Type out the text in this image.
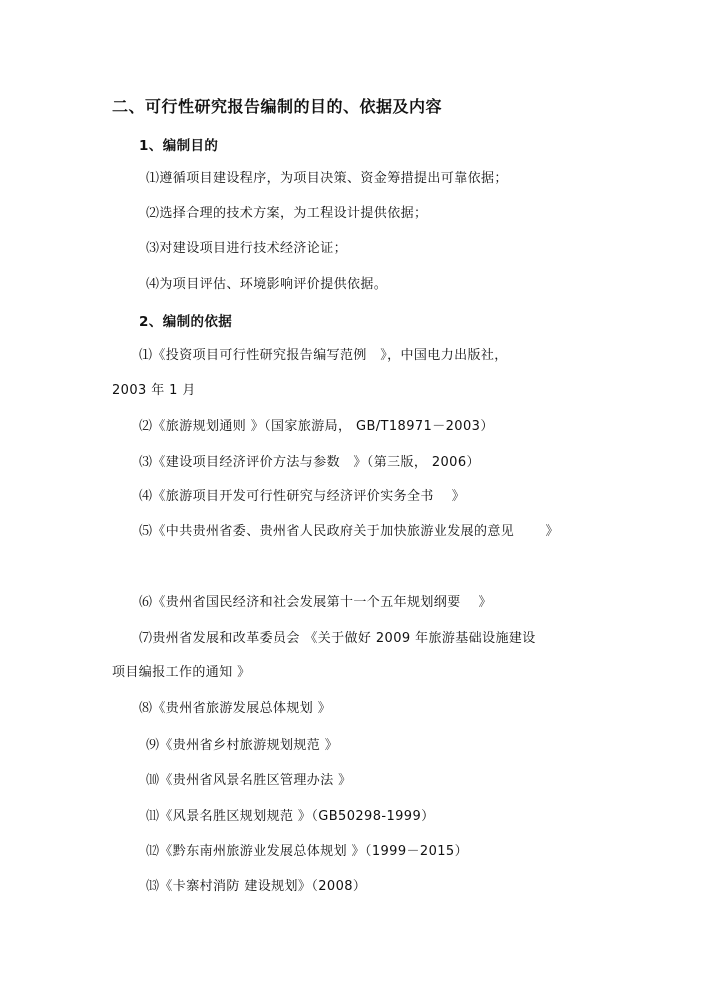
二、可行性研究报告编制的目的、依据及内容
1、编制目的
⑴遵循项目建设程序，为项目决策、资金筹措提出可靠依据；
⑵选择合理的技术方案，为工程设计提供依据；
⑶对建设项目进行技术经济论证；
⑷为项目评估、环境影响评价提供依据。
2、编制的依据
⑴《投资项目可行性研究报告编写范例　》，中国电力出版社，
2003 年 1 月
⑵《旅游规划通则 》（国家旅游局， GB/T18971－2003）
⑶《建设项目经济评价方法与参数　》（第三版， 2006）
⑷《旅游项目开发可行性研究与经济评价实务全书　 》
⑸《中共贵州省委、贵州省人民政府关于加快旅游业发展的意见　　 》
⑹《贵州省国民经济和社会发展第十一个五年规划纲要　 》
⑺贵州省发展和改革委员会 《关于做好 2009 年旅游基础设施建设
项目编报工作的通知 》
⑻《贵州省旅游发展总体规划 》
⑼《贵州省乡村旅游规划规范 》
⑽《贵州省风景名胜区管理办法 》
⑾《风景名胜区规划规范 》（GB50298-1999）
⑿《黔东南州旅游业发展总体规划 》（1999－2015）
⒀《卡寨村消防 建设规划》（2008）
